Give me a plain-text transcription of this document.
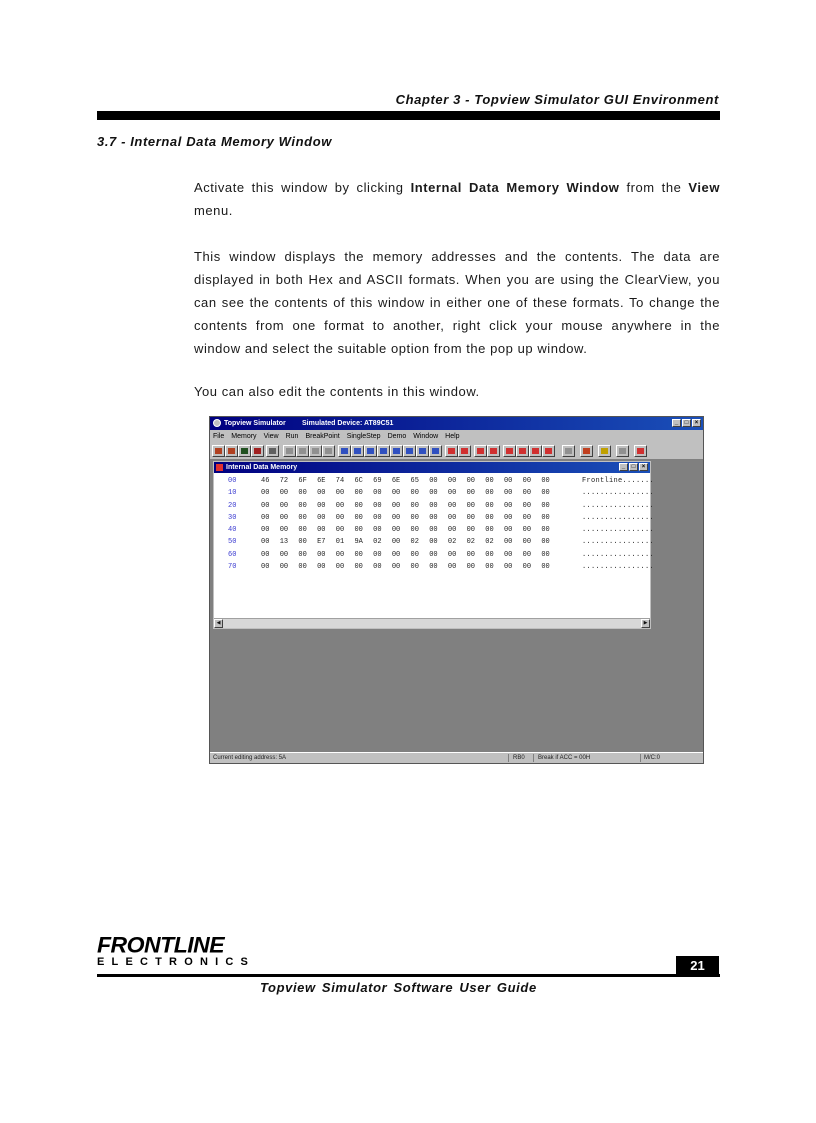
Chapter 3 - Topview Simulator GUI Environment
3.7 - Internal Data Memory Window
Activate this window by clicking Internal Data Memory Window from the View menu.
This window displays the memory addresses and the contents. The data are displayed in both Hex and ASCII formats. When you are using the ClearView, you can see the contents of this window in either one of these formats. To change the contents from one format to another, right click your mouse anywhere in the window and select the suitable option from the pop up window.
You can also edit the contents in this window.
Topview Simulator Simulated Device: AT89C51	_	□	×
File Memory View Run BreakPoint SingleStep Demo Window Help
Internal Data Memory	_	□	×
00	46	72	6F	6E	74	6C	69	6E	65	00	00	00	00	00	00	00	Frontline.......
10	00	00	00	00	00	00	00	00	00	00	00	00	00	00	00	00	................
20	00	00	00	00	00	00	00	00	00	00	00	00	00	00	00	00	................
30	00	00	00	00	00	00	00	00	00	00	00	00	00	00	00	00	................
40	00	00	00	00	00	00	00	00	00	00	00	00	00	00	00	00	................
50	00	13	00	E7	01	9A	02	00	02	00	02	02	02	00	00	00	................
60	00	00	00	00	00	00	00	00	00	00	00	00	00	00	00	00	................
70	00	00	00	00	00	00	00	00	00	00	00	00	00	00	00	00	................
◀	▶
Current editing address: 5A	RB0 Break if ACC = 00H	M/C:0
FRONTLINE
ELECTRONICS	21
Topview Simulator Software User Guide
